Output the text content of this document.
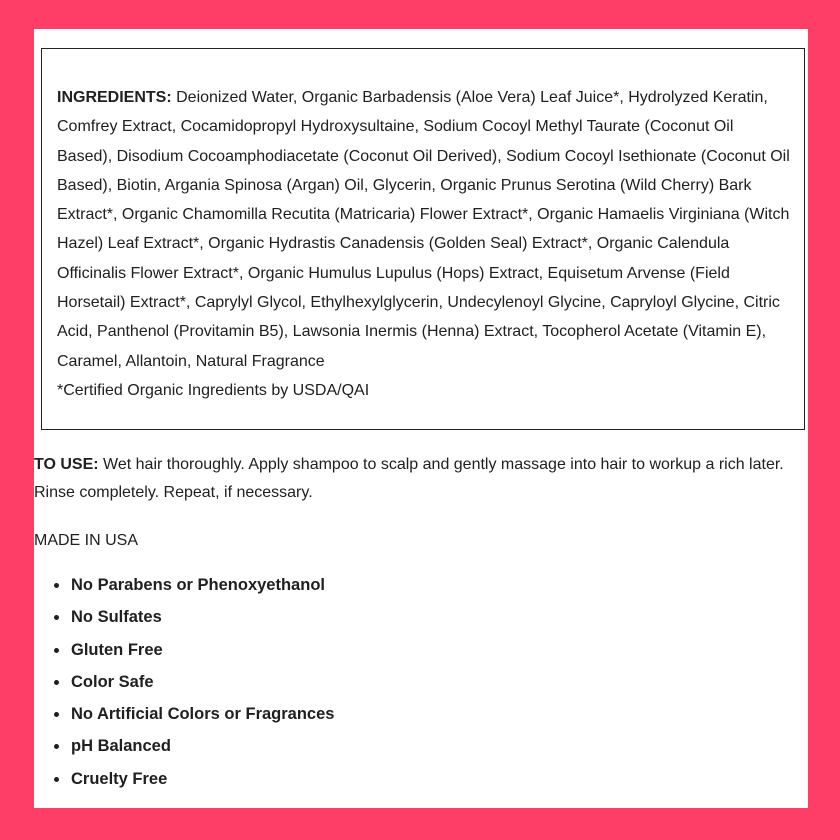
INGREDIENTS: Deionized Water, Organic Barbadensis (Aloe Vera) Leaf Juice*, Hydrolyzed Keratin, Comfrey Extract, Cocamidopropyl Hydroxysultaine, Sodium Cocoyl Methyl Taurate (Coconut Oil Based), Disodium Cocoamphodiacetate (Coconut Oil Derived), Sodium Cocoyl Isethionate (Coconut Oil Based), Biotin, Argania Spinosa (Argan) Oil, Glycerin, Organic Prunus Serotina (Wild Cherry) Bark Extract*, Organic Chamomilla Recutita (Matricaria) Flower Extract*, Organic Hamaelis Virginiana (Witch Hazel) Leaf Extract*, Organic Hydrastis Canadensis (Golden Seal) Extract*, Organic Calendula Officinalis Flower Extract*, Organic Humulus Lupulus (Hops) Extract, Equisetum Arvense (Field Horsetail) Extract*, Caprylyl Glycol, Ethylhexylglycerin, Undecylenoyl Glycine, Capryloyl Glycine, Citric Acid, Panthenol (Provitamin B5), Lawsonia Inermis (Henna) Extract, Tocopherol Acetate (Vitamin E), Caramel, Allantoin, Natural Fragrance

*Certified Organic Ingredients by USDA/QAI

TO USE: Wet hair thoroughly. Apply shampoo to scalp and gently massage into hair to workup a rich later. Rinse completely. Repeat, if necessary.

MADE IN USA

• No Parabens or Phenoxyethanol
• No Sulfates
• Gluten Free
• Color Safe
• No Artificial Colors or Fragrances
• pH Balanced
• Cruelty Free
